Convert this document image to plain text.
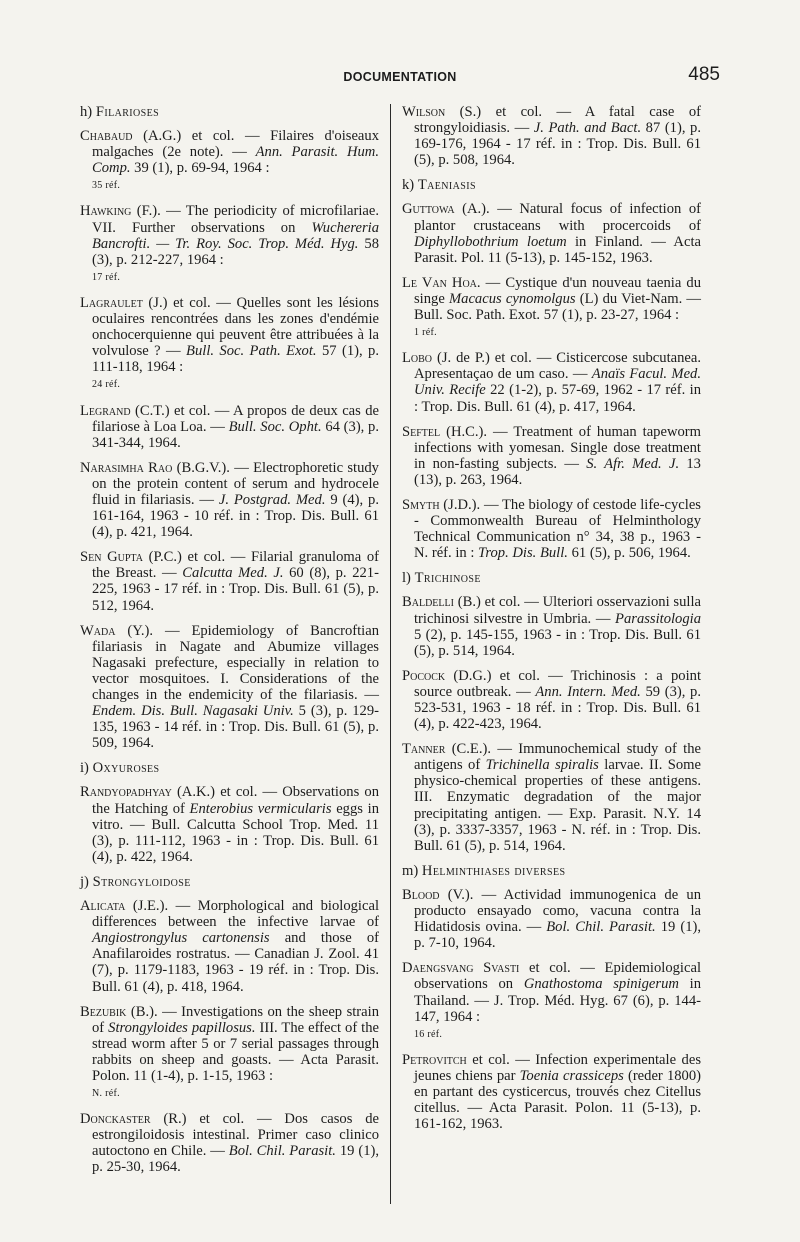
DOCUMENTATION	485
h) Filarioses
Chabaud (A.G.) et col. — Filaires d'oiseaux malgaches (2e note). — Ann. Parasit. Hum. Comp. 39 (1), p. 69-94, 1964 :
35 réf.
Hawking (F.). — The periodicity of microfilariae. VII. Further observations on Wuchereria Bancrofti. — Tr. Roy. Soc. Trop. Méd. Hyg. 58 (3), p. 212-227, 1964 :
17 réf.
Lagraulet (J.) et col. — Quelles sont les lésions oculaires rencontrées dans les zones d'endémie onchocerquienne qui peuvent être attribuées à la volvulose ? — Bull. Soc. Path. Exot. 57 (1), p. 111-118, 1964 :
24 réf.
Legrand (C.T.) et col. — A propos de deux cas de filariose à Loa Loa. — Bull. Soc. Opht. 64 (3), p. 341-344, 1964.
Narasimha Rao (B.G.V.). — Electrophoretic study on the protein content of serum and hydrocele fluid in filariasis. — J. Postgrad. Med. 9 (4), p. 161-164, 1963 - 10 réf. in : Trop. Dis. Bull. 61 (4), p. 421, 1964.
Sen Gupta (P.C.) et col. — Filarial granuloma of the Breast. — Calcutta Med. J. 60 (8), p. 221-225, 1963 - 17 réf. in : Trop. Dis. Bull. 61 (5), p. 512, 1964.
Wada (Y.). — Epidemiology of Bancroftian filariasis in Nagate and Abumize villages Nagasaki prefecture, especially in relation to vector mosquitoes. I. Considerations of the changes in the endemicity of the filariasis. — Endem. Dis. Bull. Nagasaki Univ. 5 (3), p. 129-135, 1963 - 14 réf. in : Trop. Dis. Bull. 61 (5), p. 509, 1964.
i) Oxyuroses
Randyopadhyay (A.K.) et col. — Observations on the Hatching of Enterobius vermicularis eggs in vitro. — Bull. Calcutta School Trop. Med. 11 (3), p. 111-112, 1963 - in : Trop. Dis. Bull. 61 (4), p. 422, 1964.
j) Strongyloidose
Alicata (J.E.). — Morphological and biological differences between the infective larvae of Angiostrongylus cartonensis and those of Anafilaroides rostratus. — Canadian J. Zool. 41 (7), p. 1179-1183, 1963 - 19 réf. in : Trop. Dis. Bull. 61 (4), p. 418, 1964.
Bezubik (B.). — Investigations on the sheep strain of Strongyloides papillosus. III. The effect of the stread worm after 5 or 7 serial passages through rabbits on sheep and goasts. — Acta Parasit. Polon. 11 (1-4), p. 1-15, 1963 :
N. réf.
Donckaster (R.) et col. — Dos casos de estrongiloidosis intestinal. Primer caso clinico autoctono en Chile. — Bol. Chil. Parasit. 19 (1), p. 25-30, 1964.
Wilson (S.) et col. — A fatal case of strongyloidiasis. — J. Path. and Bact. 87 (1), p. 169-176, 1964 - 17 réf. in : Trop. Dis. Bull. 61 (5), p. 508, 1964.
k) Taeniasis
Guttowa (A.). — Natural focus of infection of plantor crustaceans with procercoids of Diphyllobothrium loetum in Finland. — Acta Parasit. Pol. 11 (5-13), p. 145-152, 1963.
Le Van Hoa. — Cystique d'un nouveau taenia du singe Macacus cynomolgus (L) du Viet-Nam. — Bull. Soc. Path. Exot. 57 (1), p. 23-27, 1964 :
1 réf.
Lobo (J. de P.) et col. — Cisticercose subcutanea. Apresentaçao de um caso. — Anaïs Facul. Med. Univ. Recife 22 (1-2), p. 57-69, 1962 - 17 réf. in : Trop. Dis. Bull. 61 (4), p. 417, 1964.
Seftel (H.C.). — Treatment of human tapeworm infections with yomesan. Single dose treatment in non-fasting subjects. — S. Afr. Med. J. 13 (13), p. 263, 1964.
Smyth (J.D.). — The biology of cestode life-cycles - Commonwealth Bureau of Helminthology Technical Communication n° 34, 38 p., 1963 - N. réf. in : Trop. Dis. Bull. 61 (5), p. 506, 1964.
l) Trichinose
Baldelli (B.) et col. — Ulteriori osservazioni sulla trichinosi silvestre in Umbria. — Parassitologia 5 (2), p. 145-155, 1963 - in : Trop. Dis. Bull. 61 (5), p. 514, 1964.
Pocock (D.G.) et col. — Trichinosis : a point source outbreak. — Ann. Intern. Med. 59 (3), p. 523-531, 1963 - 18 réf. in : Trop. Dis. Bull. 61 (4), p. 422-423, 1964.
Tanner (C.E.). — Immunochemical study of the antigens of Trichinella spiralis larvae. II. Some physico-chemical properties of these antigens. III. Enzymatic degradation of the major precipitating antigen. — Exp. Parasit. N.Y. 14 (3), p. 3337-3357, 1963 - N. réf. in : Trop. Dis. Bull. 61 (5), p. 514, 1964.
m) Helminthiases diverses
Blood (V.). — Actividad immunogenica de un producto ensayado como, vacuna contra la Hidatidosis ovina. — Bol. Chil. Parasit. 19 (1), p. 7-10, 1964.
Daengsvang Svasti et col. — Epidemiological observations on Gnathostoma spinigerum in Thailand. — J. Trop. Méd. Hyg. 67 (6), p. 144-147, 1964 :
16 réf.
Petrovitch et col. — Infection experimentale des jeunes chiens par Toenia crassiceps (reder 1800) en partant des cysticercus, trouvés chez Citellus citellus. — Acta Parasit. Polon. 11 (5-13), p. 161-162, 1963.
